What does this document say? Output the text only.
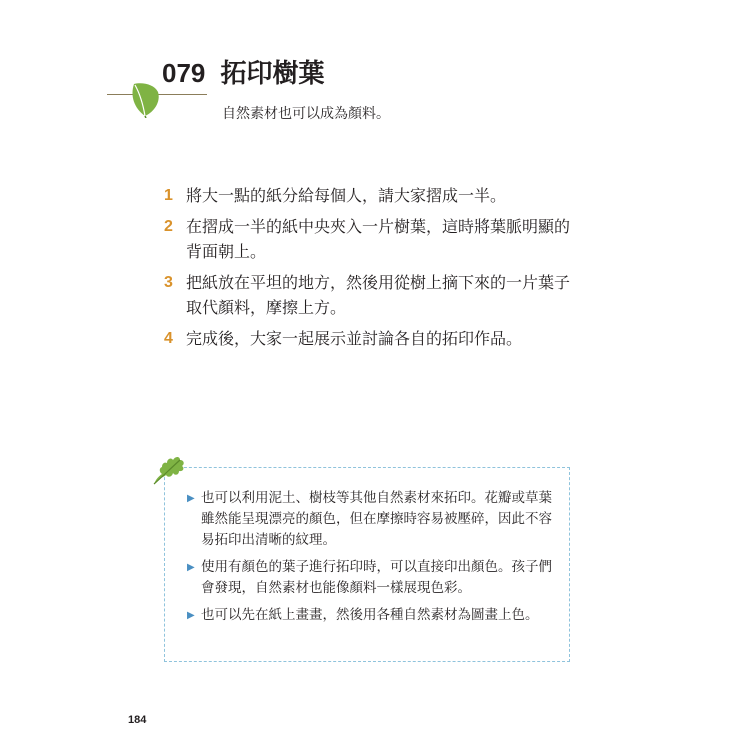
079 拓印樹葉
自然素材也可以成為顏料。
1 將大一點的紙分給每個人，請大家摺成一半。
2 在摺成一半的紙中央夾入一片樹葉，這時將葉脈明顯的背面朝上。
3 把紙放在平坦的地方，然後用從樹上摘下來的一片葉子取代顏料，摩擦上方。
4 完成後，大家一起展示並討論各自的拓印作品。
▶ 也可以利用泥土、樹枝等其他自然素材來拓印。花瓣或草葉雖然能呈現漂亮的顏色，但在摩擦時容易被壓碎，因此不容易拓印出清晰的紋理。
▶ 使用有顏色的葉子進行拓印時，可以直接印出顏色。孩子們會發現，自然素材也能像顏料一樣展現色彩。
▶ 也可以先在紙上畫畫，然後用各種自然素材為圖畫上色。
184
